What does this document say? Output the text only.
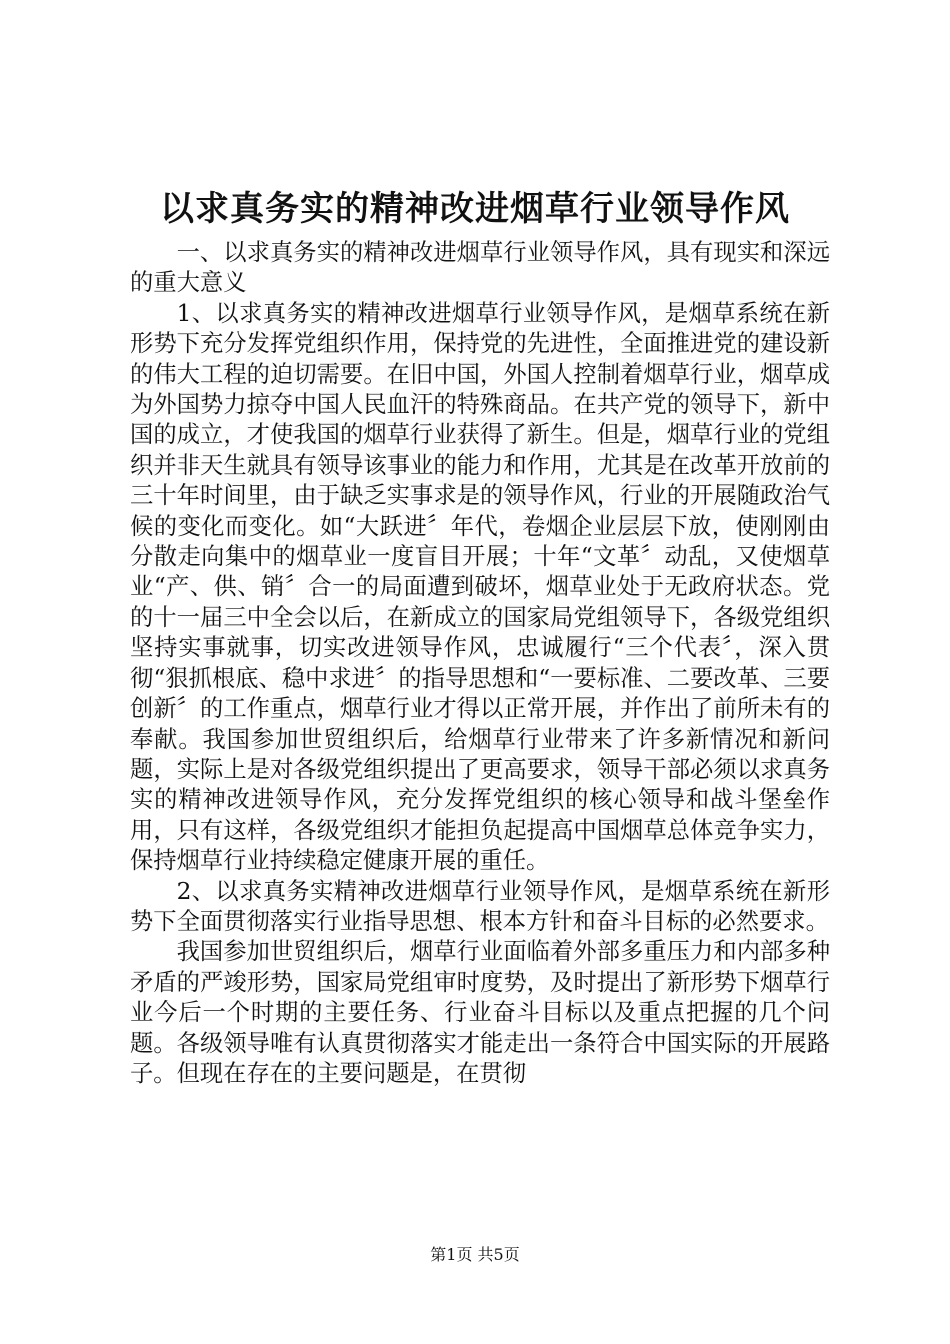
以求真务实的精神改进烟草行业领导作风

一、以求真务实的精神改进烟草行业领导作风，具有现实和深远的重大意义

1、以求真务实的精神改进烟草行业领导作风，是烟草系统在新形势下充分发挥党组织作用，保持党的先进性，全面推进党的建设新的伟大工程的迫切需要。在旧中国，外国人控制着烟草行业，烟草成为外国势力掠夺中国人民血汗的特殊商品。在共产党的领导下，新中国的成立，才使我国的烟草行业获得了新生。但是，烟草行业的党组织并非天生就具有领导该事业的能力和作用，尤其是在改革开放前的三十年时间里，由于缺乏实事求是的领导作风，行业的开展随政治气候的变化而变化。如“大跃进〞年代，卷烟企业层层下放，使刚刚由分散走向集中的烟草业一度盲目开展；十年“文革〞动乱，又使烟草业“产、供、销〞合一的局面遭到破坏，烟草业处于无政府状态。党的十一届三中全会以后，在新成立的国家局党组领导下，各级党组织坚持实事就事，切实改进领导作风，忠诚履行“三个代表〞，深入贯彻“狠抓根底、稳中求进〞的指导思想和“一要标准、二要改革、三要创新〞的工作重点，烟草行业才得以正常开展，并作出了前所未有的奉献。我国参加世贸组织后，给烟草行业带来了许多新情况和新问题，实际上是对各级党组织提出了更高要求，领导干部必须以求真务实的精神改进领导作风，充分发挥党组织的核心领导和战斗堡垒作用，只有这样，各级党组织才能担负起提高中国烟草总体竞争实力，保持烟草行业持续稳定健康开展的重任。

2、以求真务实精神改进烟草行业领导作风，是烟草系统在新形势下全面贯彻落实行业指导思想、根本方针和奋斗目标的必然要求。

我国参加世贸组织后，烟草行业面临着外部多重压力和内部多种矛盾的严竣形势，国家局党组审时度势，及时提出了新形势下烟草行业今后一个时期的主要任务、行业奋斗目标以及重点把握的几个问题。各级领导唯有认真贯彻落实才能走出一条符合中国实际的开展路子。但现在存在的主要问题是，在贯彻

第1页 共5页
